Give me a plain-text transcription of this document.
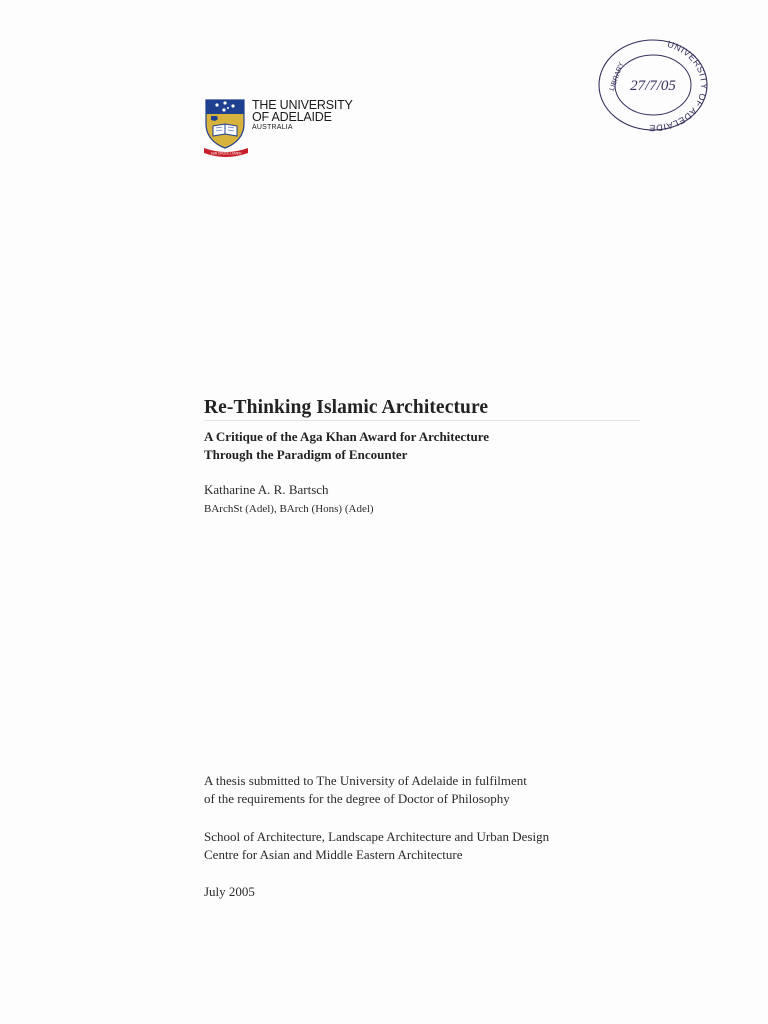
SUB CRUCE LUMEN
THE UNIVERSITY
OF ADELAIDE
AUSTRALIA
UNIVERSITY OF ADELAIDE
LIBRARY 27/7/05
Re-Thinking Islamic Architecture
A Critique of the Aga Khan Award for Architecture
Through the Paradigm of Encounter
Katharine A. R. Bartsch
BArchSt (Adel), BArch (Hons) (Adel)
A thesis submitted to The University of Adelaide in fulfilment
of the requirements for the degree of Doctor of Philosophy
School of Architecture, Landscape Architecture and Urban Design
Centre for Asian and Middle Eastern Architecture
July 2005
